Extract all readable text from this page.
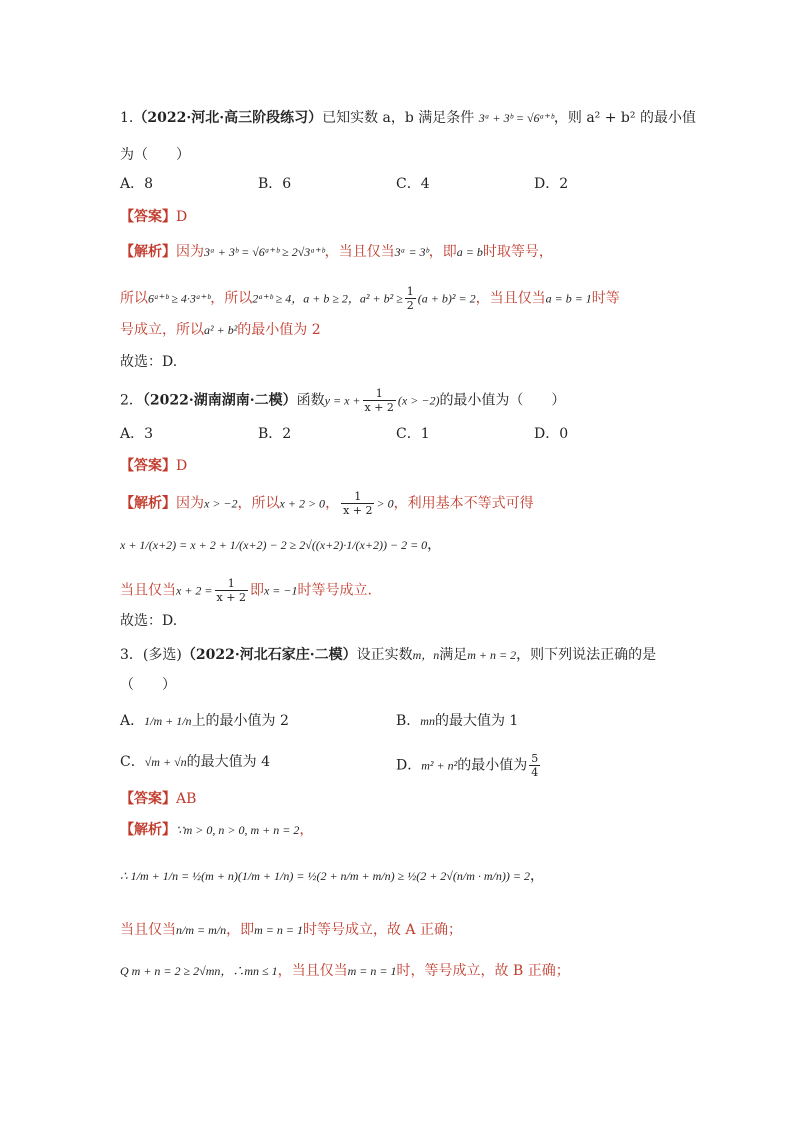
1.（2022·河北·高三阶段练习）已知实数 a，b 满足条件 3ᵃ + 3ᵇ = √6ᵃ⁺ᵇ，则 a² + b² 的最小值
为（　　）
A．8	B．6	C．4	D．2
【答案】D
【解析】因为3ᵃ + 3ᵇ = √6ᵃ⁺ᵇ ≥ 2√3ᵃ⁺ᵇ，当且仅当3ᵃ = 3ᵇ，即a = b时取等号，
所以6ᵃ⁺ᵇ ≥ 4·3ᵃ⁺ᵇ，所以2ᵃ⁺ᵇ ≥ 4，a + b ≥ 2，$a^2 + b^2 \ge \frac{1}{2} (a + b)^2 = 2$，当且仅当a = b = 1时等
号成立，所以a² + b²的最小值为 2
故选：D.
2．（2022·湖南湖南·二模）函数$y = x + \frac{1}{x + 2} (x > -2)$的最小值为（　　）
A．3	B．2	C．1	D．0
【答案】D
【解析】因为x > −2，所以x + 2 > 0， $\frac{1}{x + 2} > 0$，利用基本不等式可得
x + 1/(x+2) = x + 2 + 1/(x+2) − 2 ≥ 2√((x+2)·1/(x+2)) − 2 = 0，
当且仅当$x + 2 = \frac{1}{x + 2}$ 即x = −1时等号成立.
故选：D.
3．(多选)（2022·河北石家庄·二模）设正实数m，n满足m + n = 2，则下列说法正确的是
（　　）
A．1/m + 1/n上的最小值为 2	B．mn的最大值为 1
C．√m + √n的最大值为 4	D．m² + n²的最小值为 $\frac{5}{4}$
【答案】AB
【解析】∵m > 0, n > 0, m + n = 2，
∴ 1/m + 1/n = ½(m + n)(1/m + 1/n) = ½(2 + n/m + m/n) ≥ ½(2 + 2√(n/m · m/n)) = 2，
当且仅当n/m = m/n，即m = n = 1时等号成立，故 A 正确；
Q m + n = 2 ≥ 2√mn，∴mn ≤ 1，当且仅当m = n = 1时，等号成立，故 B 正确；
